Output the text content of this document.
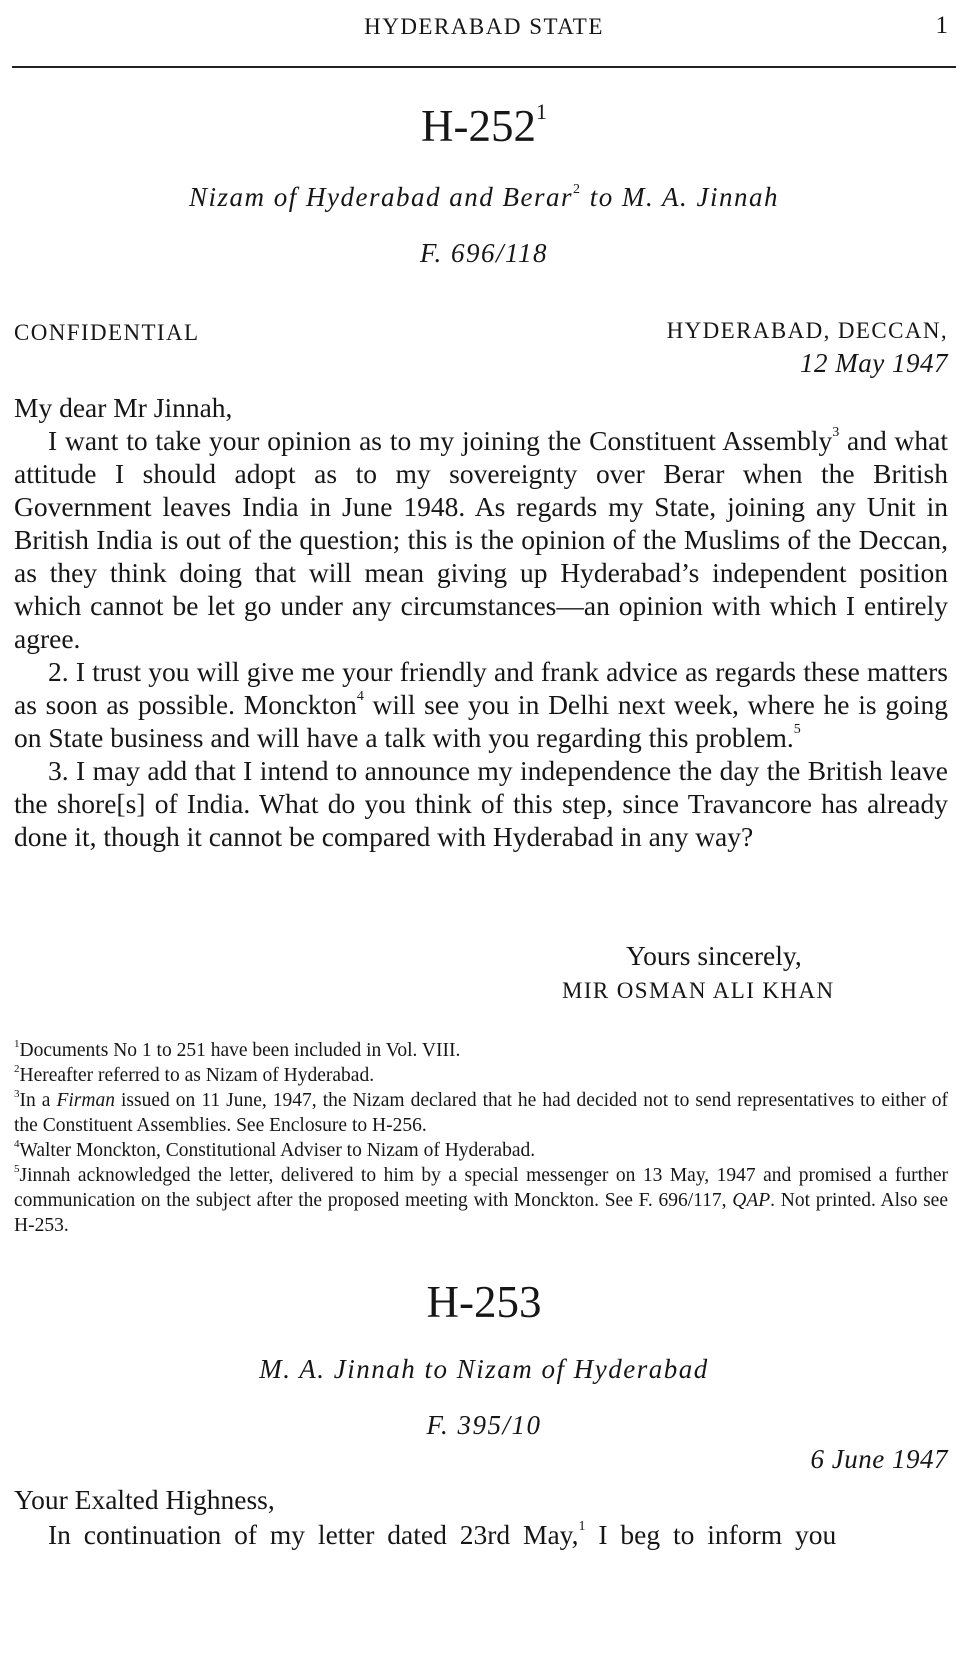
HYDERABAD STATE	1
$H-252^1$
Nizam of Hyderabad and Berar$^2$ to M. A. Jinnah
F. 696/118
CONFIDENTIAL	HYDERABAD, DECCAN,
12 May 1947
My dear Mr Jinnah,

I want to take your opinion as to my joining the Constituent Assembly$^3$ and what attitude I should adopt as to my sovereignty over Berar when the British Government leaves India in June 1948. As regards my State, joining any Unit in British India is out of the question; this is the opinion of the Muslims of the Deccan, as they think doing that will mean giving up Hyderabad’s independent position which cannot be let go under any circumstances—an opinion with which I entirely agree.

2. I trust you will give me your friendly and frank advice as regards these matters as soon as possible. Monckton$^4$ will see you in Delhi next week, where he is going on State business and will have a talk with you regarding this problem.$^5$

3. I may add that I intend to announce my independence the day the British leave the shore[s] of India. What do you think of this step, since Travancore has already done it, though it cannot be compared with Hyderabad in any way?

Yours sincerely,
MIR OSMAN ALI KHAN

$^1$Documents No 1 to 251 have been included in Vol. VIII.

$^2$Hereafter referred to as Nizam of Hyderabad.

$^3$In a Firman issued on 11 June, 1947, the Nizam declared that he had decided not to send representatives to either of the Constituent Assemblies. See Enclosure to H-256.

$^4$Walter Monckton, Constitutional Adviser to Nizam of Hyderabad.

$^5$Jinnah acknowledged the letter, delivered to him by a special messenger on 13 May, 1947 and promised a further communication on the subject after the proposed meeting with Monckton. See F. 696/117, QAP. Not printed. Also see H-253.

H-253
M. A. Jinnah to Nizam of Hyderabad
F. 395/10
6 June 1947
Your Exalted Highness,

In continuation of my letter dated 23rd May,$^1$ I beg to inform you
